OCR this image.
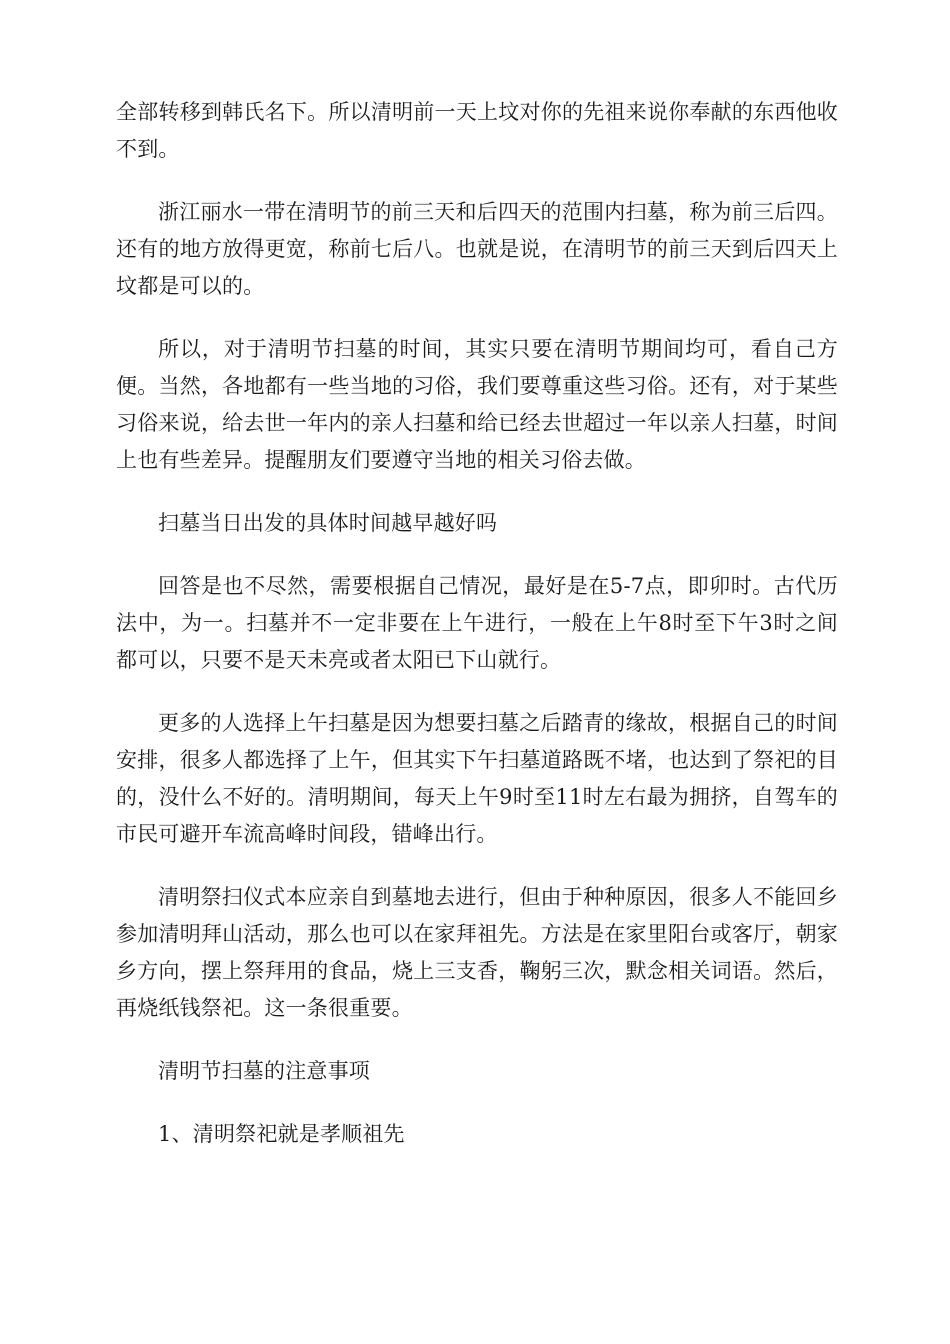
全部转移到韩氏名下。所以清明前一天上坟对你的先祖来说你奉献的东西他收不到。

浙江丽水一带在清明节的前三天和后四天的范围内扫墓，称为前三后四。还有的地方放得更宽，称前七后八。也就是说，在清明节的前三天到后四天上坟都是可以的。

所以，对于清明节扫墓的时间，其实只要在清明节期间均可，看自己方便。当然，各地都有一些当地的习俗，我们要尊重这些习俗。还有，对于某些习俗来说，给去世一年内的亲人扫墓和给已经去世超过一年以亲人扫墓，时间上也有些差异。提醒朋友们要遵守当地的相关习俗去做。

扫墓当日出发的具体时间越早越好吗

回答是也不尽然，需要根据自己情况，最好是在5-7点，即卯时。古代历法中，为一。扫墓并不一定非要在上午进行，一般在上午8时至下午3时之间都可以，只要不是天未亮或者太阳已下山就行。

更多的人选择上午扫墓是因为想要扫墓之后踏青的缘故，根据自己的时间安排，很多人都选择了上午，但其实下午扫墓道路既不堵，也达到了祭祀的目的，没什么不好的。清明期间，每天上午9时至11时左右最为拥挤，自驾车的市民可避开车流高峰时间段，错峰出行。

清明祭扫仪式本应亲自到墓地去进行，但由于种种原因，很多人不能回乡参加清明拜山活动，那么也可以在家拜祖先。方法是在家里阳台或客厅，朝家乡方向，摆上祭拜用的食品，烧上三支香，鞠躬三次，默念相关词语。然后，再烧纸钱祭祀。这一条很重要。

清明节扫墓的注意事项

1、清明祭祀就是孝顺祖先
